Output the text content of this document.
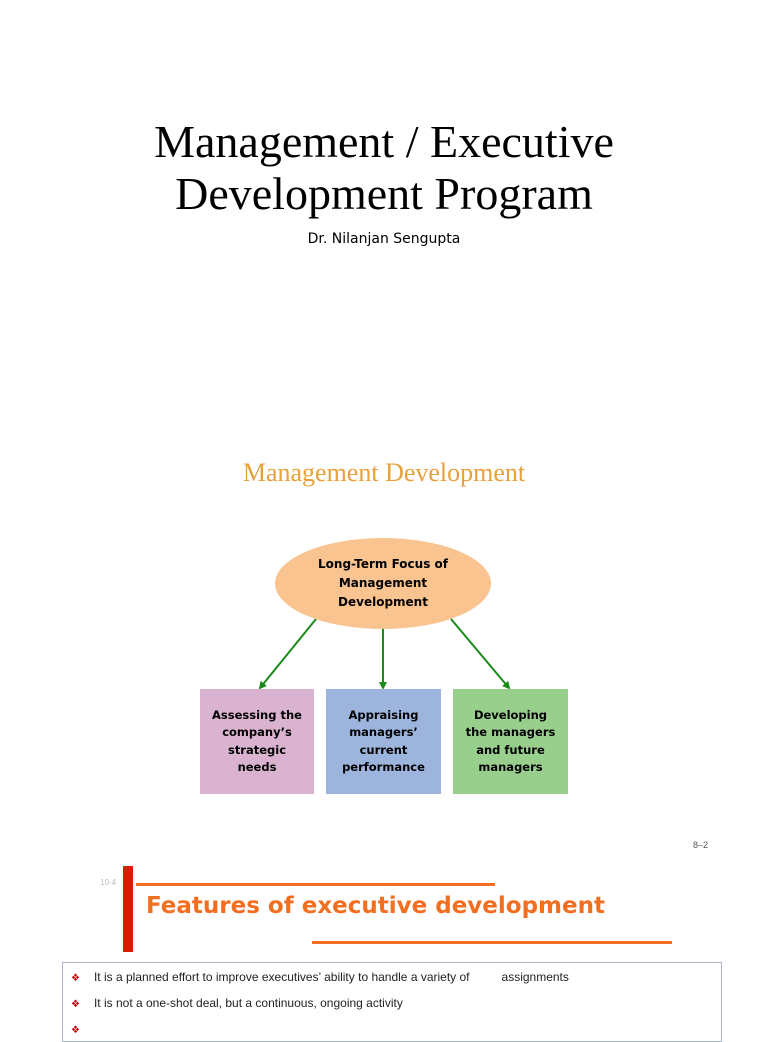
Management / Executive
Development Program
Dr. Nilanjan Sengupta
Management Development
Long-Term Focus of Management Development
Assessing the company’s strategic needs
Appraising managers’ current performance
Developing the managers and future managers
8–2
10-4
Features of executive development
❖ It is a planned effort to improve executives’ ability to handle a variety of	assignments
❖ It is not a one-shot deal, but a continuous, ongoing activity
❖
